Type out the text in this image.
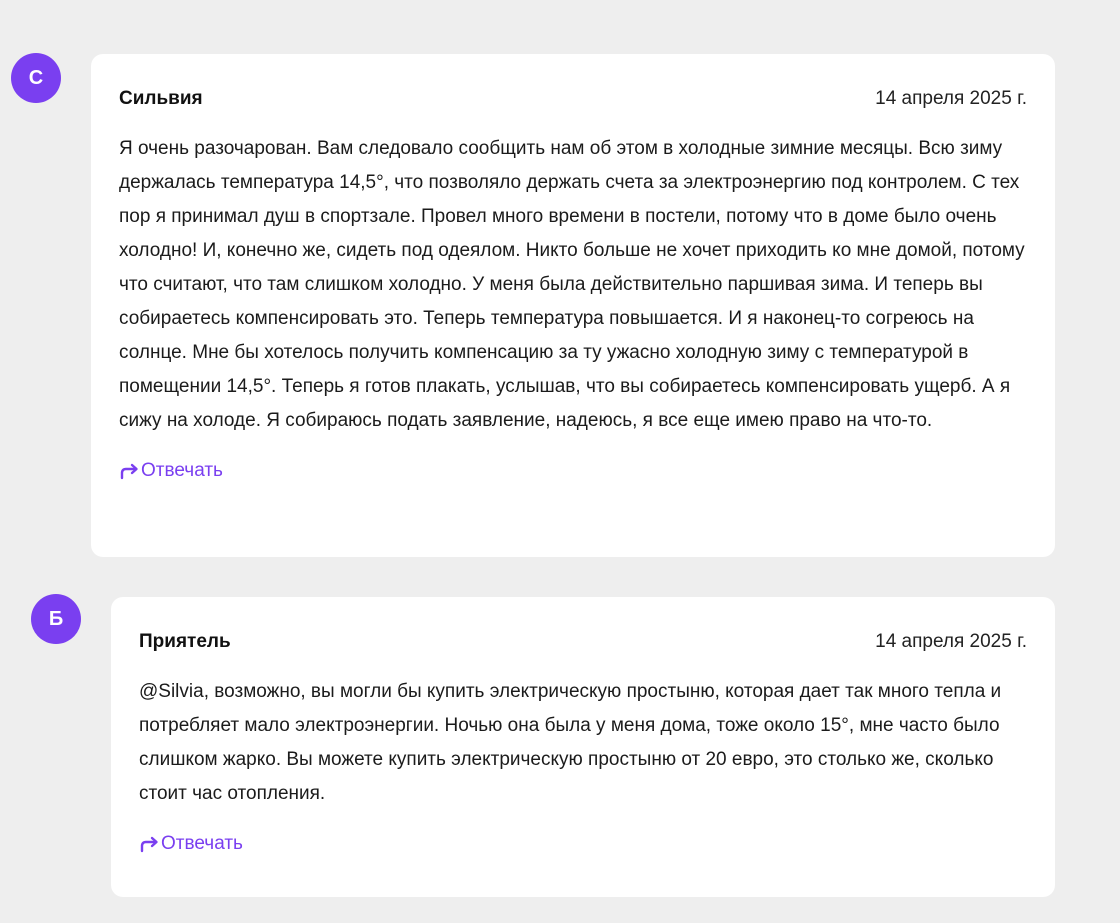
С
Сильвия	14 апреля 2025 г.

Я очень разочарован. Вам следовало сообщить нам об этом в холодные зимние месяцы. Всю зиму держалась температура 14,5°, что позволяло держать счета за электроэнергию под контролем. С тех пор я принимал душ в спортзале. Провел много времени в постели, потому что в доме было очень холодно! И, конечно же, сидеть под одеялом. Никто больше не хочет приходить ко мне домой, потому что считают, что там слишком холодно. У меня была действительно паршивая зима. И теперь вы собираетесь компенсировать это. Теперь температура повышается. И я наконец-то согреюсь на солнце. Мне бы хотелось получить компенсацию за ту ужасно холодную зиму с температурой в помещении 14,5°. Теперь я готов плакать, услышав, что вы собираетесь компенсировать ущерб. А я сижу на холоде. Я собираюсь подать заявление, надеюсь, я все еще имею право на что-то.

Отвечать
Б
Приятель	14 апреля 2025 г.

@Silvia, возможно, вы могли бы купить электрическую простыню, которая дает так много тепла и потребляет мало электроэнергии. Ночью она была у меня дома, тоже около 15°, мне часто было слишком жарко. Вы можете купить электрическую простыню от 20 евро, это столько же, сколько стоит час отопления.

Отвечать
